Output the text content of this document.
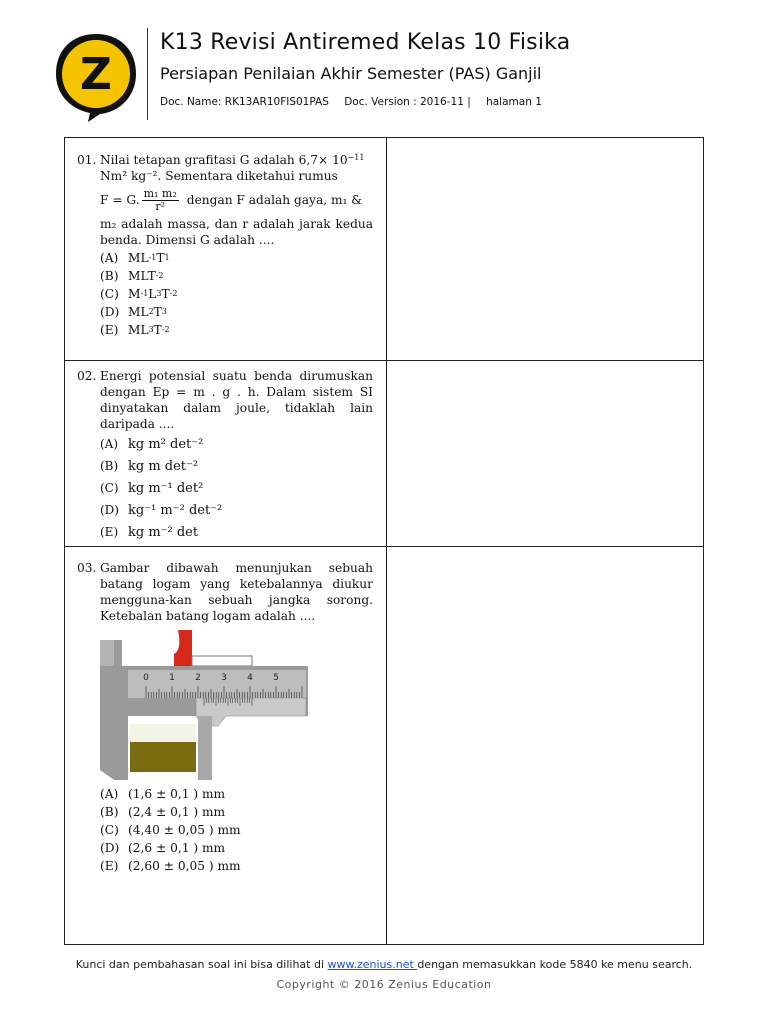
Z
K13 Revisi Antiremed Kelas 10 Fisika
Persiapan Penilaian Akhir Semester (PAS) Ganjil
Doc. Name: RK13AR10FIS01PAS Doc. Version : 2016-11 | halaman 1
01. Nilai tetapan grafitasi G adalah $6,7\times 10^{-11}$
Nm² kg⁻². Sementara diketahui rumus
F = G. $\frac{\text{m₁ m₂}}{\text{r²}}$ dengan F adalah gaya, m₁ &
m₂ adalah massa, dan r adalah jarak kedua benda. Dimensi G adalah ....
(A) $ML^{-1}$ $T^1$
(B) $MLT^{-2}$
(C) $M^{-1}$ $L^3$ $T^{-2}$
(D) $ML^2$ $T^3$
(E) $ML^3$ $T^{-2}$
02. Energi potensial suatu benda dirumuskan dengan Ep = m . g . h. Dalam sistem SI dinyatakan dalam joule, tidaklah lain daripada ....
(A) kg m² det⁻²
(B) kg m det⁻²
(C) kg m⁻¹ det²
(D) kg⁻¹ m⁻² det⁻²
(E) kg m⁻² det
03. Gambar dibawah menunjukan sebuah batang logam yang ketebalannya diukur mengguna-kan sebuah jangka sorong. Ketebalan batang logam adalah ....
0 1 2 3 4 5
(A) (1,6 ± 0,1 ) mm
(B) (2,4 ± 0,1 ) mm
(C) (4,40 ± 0,05 ) mm
(D) (2,6 ± 0,1 ) mm
(E) (2,60 ± 0,05 ) mm
Kunci dan pembahasan soal ini bisa dilihat di www.zenius.net dengan memasukkan kode 5840 ke menu search.
Copyright © 2016 Zenius Education
